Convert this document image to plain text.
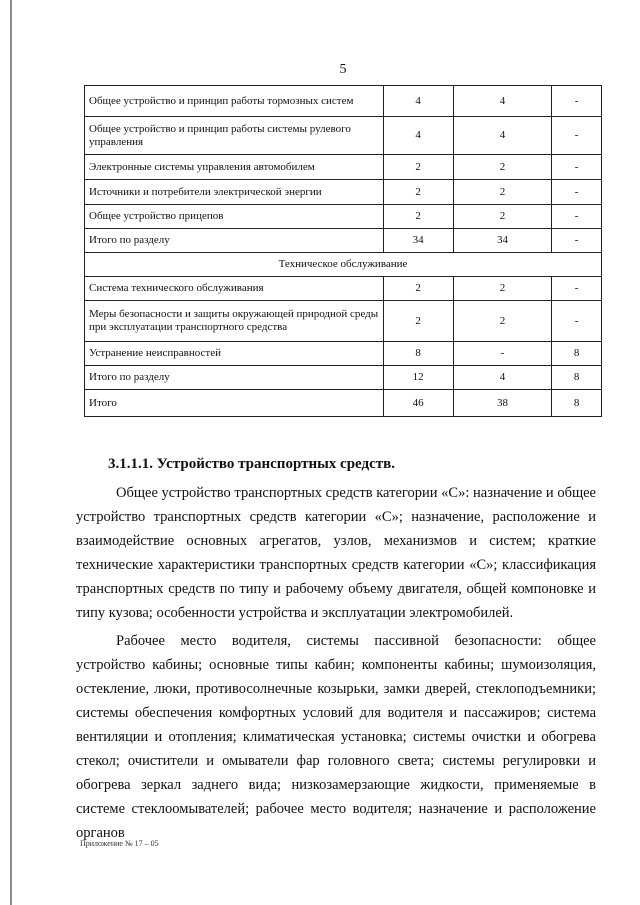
5
Общее устройство и принцип работы тормозных систем	4	4	-
Общее устройство и принцип работы системы рулевого управления	4	4	-
Электронные системы управления автомобилем	2	2	-
Источники и потребители электрической энергии	2	2	-
Общее устройство прицепов	2	2	-
Итого по разделу	34	34	-
Техническое обслуживание			
Система технического обслуживания	2	2	-
Меры безопасности и защиты окружающей природной среды при эксплуатации транспортного средства	2	2	-
Устранение неисправностей	8	-	8
Итого по разделу	12	4	8
Итого	46	38	8
3.1.1.1. Устройство транспортных средств.

Общее устройство транспортных средств категории «С»: назначение и общее устройство транспортных средств категории «С»; назначение, расположение и взаимодействие основных агрегатов, узлов, механизмов и систем; краткие технические характеристики транспортных средств категории «С»; классификация транспортных средств по типу и рабочему объему двигателя, общей компоновке и типу кузова; особенности устройства и эксплуатации электромобилей.

Рабочее место водителя, системы пассивной безопасности: общее устройство кабины; основные типы кабин; компоненты кабины; шумоизоляция, остекление, люки, противосолнечные козырьки, замки дверей, стеклоподъемники; системы обеспечения комфортных условий для водителя и пассажиров; система вентиляции и отопления; климатическая установка; системы очистки и обогрева стекол; очистители и омыватели фар головного света; системы регулировки и обогрева зеркал заднего вида; низкозамерзающие жидкости, применяемые в системе стеклоомывателей; рабочее место водителя; назначение и расположение органов

Приложение № 17 – 05
